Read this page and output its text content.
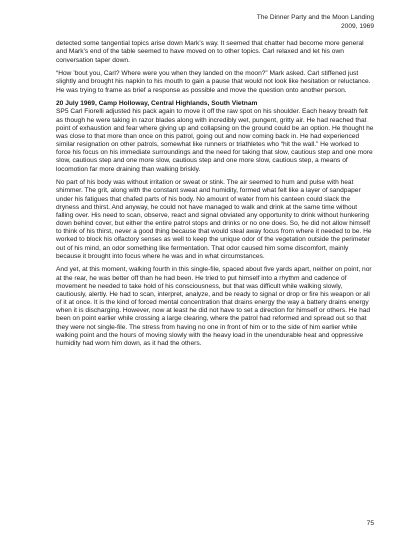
The Dinner Party and the Moon Landing
2009, 1969

detected some tangential topics arise down Mark’s way. It seemed that chatter had become more general and Mark’s end of the table seemed to have moved on to other topics. Carl relaxed and let his own conversation taper down.

“How ’bout you, Carl? Where were you when they landed on the moon?” Mark asked. Carl stiffened just slightly and brought his napkin to his mouth to gain a pause that would not look like hesitation or reluctance. He was trying to frame as brief a response as possible and move the question onto another person.

20 July 1969, Camp Holloway, Central Highlands, South Vietnam

SP5 Carl Fiorelli adjusted his pack again to move it off the raw spot on his shoulder. Each heavy breath felt as though he were taking in razor blades along with incredibly wet, pungent, gritty air. He had reached that point of exhaustion and fear where giving up and collapsing on the ground could be an option. He thought he was close to that more than once on this patrol, going out and now coming back in. He had experienced similar resignation on other patrols, somewhat like runners or triathletes who “hit the wall.” He worked to force his focus on his immediate surroundings and the need for taking that slow, cautious step and one more slow, cautious step and one more slow, cautious step and one more slow, cautious step, a means of locomotion far more draining than walking briskly.

No part of his body was without irritation or sweat or stink. The air seemed to hum and pulse with heat shimmer. The grit, along with the constant sweat and humidity, formed what felt like a layer of sandpaper under his fatigues that chafed parts of his body. No amount of water from his canteen could slack the dryness and thirst. And anyway, he could not have managed to walk and drink at the same time without falling over. His need to scan, observe, react and signal obviated any opportunity to drink without hunkering down behind cover, but either the entire patrol stops and drinks or no one does. So, he did not allow himself to think of his thirst, never a good thing because that would steal away focus from where it needed to be. He worked to block his olfactory senses as well to keep the unique odor of the vegetation outside the perimeter out of his mind, an odor something like fermentation. That odor caused him some discomfort, mainly because it brought into focus where he was and in what circumstances.

And yet, at this moment, walking fourth in this single-file, spaced about five yards apart, neither on point, nor at the rear, he was better off than he had been. He tried to put himself into a rhythm and cadence of movement he needed to take hold of his consciousness, but that was difficult while walking slowly, cautiously, alertly. He had to scan, interpret, analyze, and be ready to signal or drop or fire his weapon or all of it at once. It is the kind of forced mental concentration that drains energy the way a battery drains energy when it is discharging. However, now at least he did not have to set a direction for himself or others. He had been on point earlier while crossing a large clearing, where the patrol had reformed and spread out so that they were not single-file. The stress from having no one in front of him or to the side of him earlier while walking point and the hours of moving slowly with the heavy load in the unendurable heat and oppressive humidity had worn him down, as it had the others.

75
